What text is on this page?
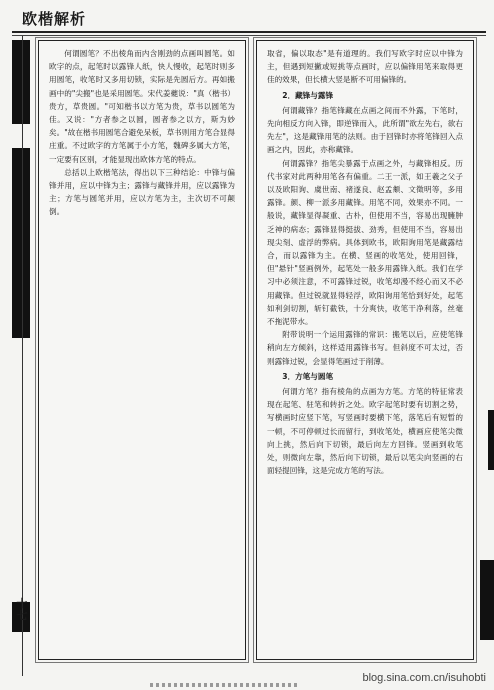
欧楷解析
十七

何谓圆笔？不出棱角而内含刚劲的点画叫圆笔。如欧字的点，起笔时以露锋人纸，快人慢收，起笔时则多用圆笔，收笔时又多用切锁，实际是先圆后方。再如搬画中的"尖搬"也是采用圆笔。宋代姜夔说："真（楷书）贵方，草贵圆。"可知楷书以方笔为贵，草书以圆笔为佳。又说："方者参之以圆，圆者参之以方，斯为妙矣。"故在楷书用圆笔合避免呆板，草书则用方笔合显得庄重。不过欧字的方笔属于小方笔，魏碑多属大方笔，一定要有区别，才能显现出欧体方笔的特点。

总括以上欧楷笔法，得出以下三种结论：中锋与偏锋并用，应以中锋为主；露锋与藏锋并用，应以露锋为主；方笔与圆笔并用，应以方笔为主，主次切不可颠倒。

取省，偏以取态"是有道理的。我们写欧字时应以中锋为主，但遇到短撇或短挑等点画时，应以偏锋用笔来取得更佳的效果，但长横大竖是断不可用偏锋的。

2．藏锋与露锋

何谓藏锋？指笔锋藏在点画之间而不外露，下笔时，先向相反方向入锋，即逆锋而入，此所谓"欲左先右，欲右先左"，这是藏锋用笔的法则。由于回锋时亦将笔锋回入点画之内，因此，亦称藏锋。

何谓露锋？指笔尖暴露于点画之外，与藏锋相反。历代书家对此两种用笔各有偏重。二王一派，如王羲之父子以及欧阳询、虞世南、褚遂良、赵孟頫、文徵明等，多用露锋。颜、柳一派多用藏锋。用笔不同，效果亦不同。一般说，藏锋显得凝重、古朴，但使用不当，容易出现臃肿乏神的病态；露锋显得挺拔、劲秀，但使用不当，容易出现尖刻、虚浮的弊病。具体到欧书，欧阳询用笔是藏露结合，而以露锋为主。在横、竖画的收笔处，使用回锋，但"悬针"竖画例外，起笔处一般多用露锋入纸。我们在学习中必须注意，不可露锋过锐，收笔却漫不经心而又不必用藏锋。但过锐就显得轻浮，欧阳询用笔恰到好处，起笔如利剑切割，斩钉截铁，十分爽快，收笔干净利落，丝毫不拖泥带水。

附带说明一个运用露锋的常识：搬笔以后，应使笔锋稍向左方倾斜，这样适用露锋书写。但斜度不可太过，否则露锋过锐，会显得笔画过于削薄。

3．方笔与圆笔

何谓方笔？指有棱角的点画为方笔。方笔的特征常表现在起笔、驻笔和转折之处。欧字起笔时要有切割之势，写横画时应竖下笔，写竖画时要横下笔，落笔后有短暂的一顿，不可停顿过长而留行，到收笔处，横画应使笔尖微向上挑，然后向下切锁，最后向左方回锋。竖画到收笔处，则微向左靠，然后向下切锁，最后以笔尖向竖画的右面轻提回锋，这是完成方笔的写法。

blog.sina.com.cn/isuhobti
